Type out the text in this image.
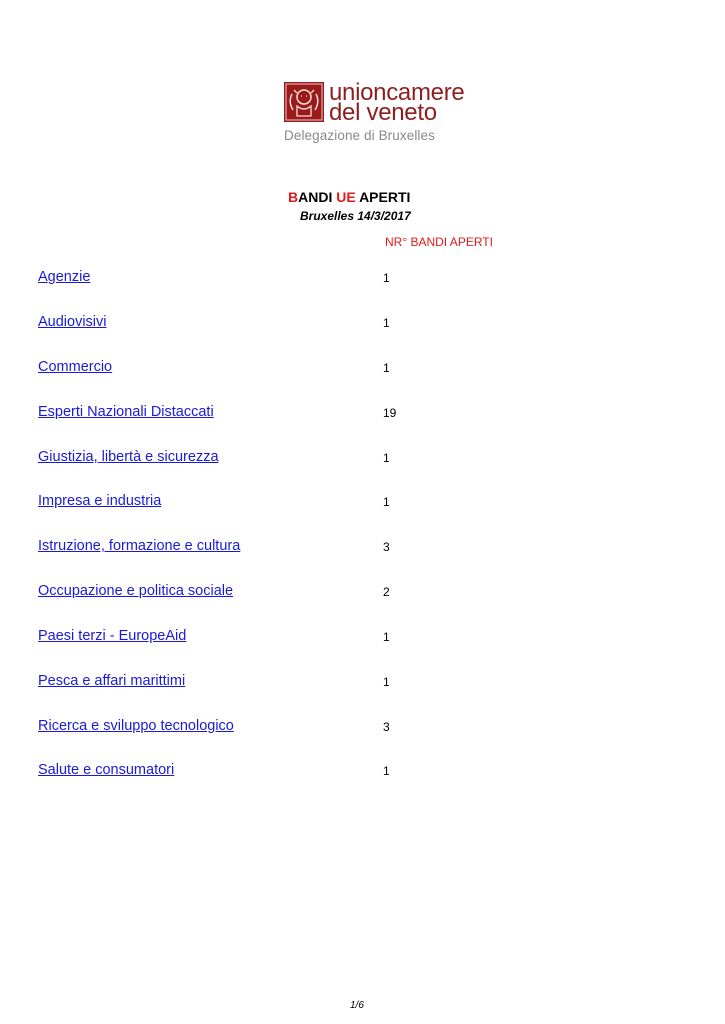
unioncamere
del veneto
Delegazione di Bruxelles
BANDI UE APERTI
Bruxelles 14/3/2017
NR° BANDI APERTI
Agenzie	1
Audiovisivi	1
Commercio	1
Esperti Nazionali Distaccati	19
Giustizia, libertà e sicurezza	1
Impresa e industria	1
Istruzione, formazione e cultura	3
Occupazione e politica sociale	2
Paesi terzi - EuropeAid	1
Pesca e affari marittimi	1
Ricerca e sviluppo tecnologico	3
Salute e consumatori	1
1/6
